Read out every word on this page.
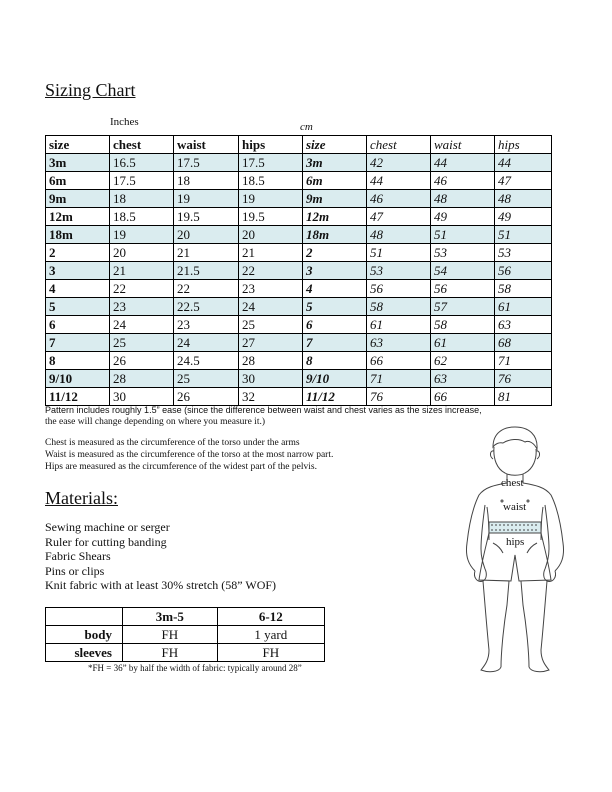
Sizing Chart
Inches	cm
size	chest	waist	hips	size	chest	waist	hips
3m	16.5	17.5	17.5	3m	42	44	44
6m	17.5	18	18.5	6m	44	46	47
9m	18	19	19	9m	46	48	48
12m	18.5	19.5	19.5	12m	47	49	49
18m	19	20	20	18m	48	51	51
2	20	21	21	2	51	53	53
3	21	21.5	22	3	53	54	56
4	22	22	23	4	56	56	58
5	23	22.5	24	5	58	57	61
6	24	23	25	6	61	58	63
7	25	24	27	7	63	61	68
8	26	24.5	28	8	66	62	71
9/10	28	25	30	9/10	71	63	76
11/12	30	26	32	11/12	76	66	81
Pattern includes roughly 1.5” ease (since the difference between waist and chest varies as the sizes increase,
the ease will change depending on where you measure it.)
Chest is measured as the circumference of the torso under the arms
Waist is measured as the circumference of the torso at the most narrow part.
Hips are measured as the circumference of the widest part of the pelvis.
Materials:
Sewing machine or serger
Ruler for cutting banding
Fabric Shears
Pins or clips
Knit fabric with at least 30% stretch (58” WOF)
	3m-5	6-12
body	FH	1 yard
sleeves	FH	FH
*FH = 36” by half the width of fabric: typically around 28”
chest
waist
hips
